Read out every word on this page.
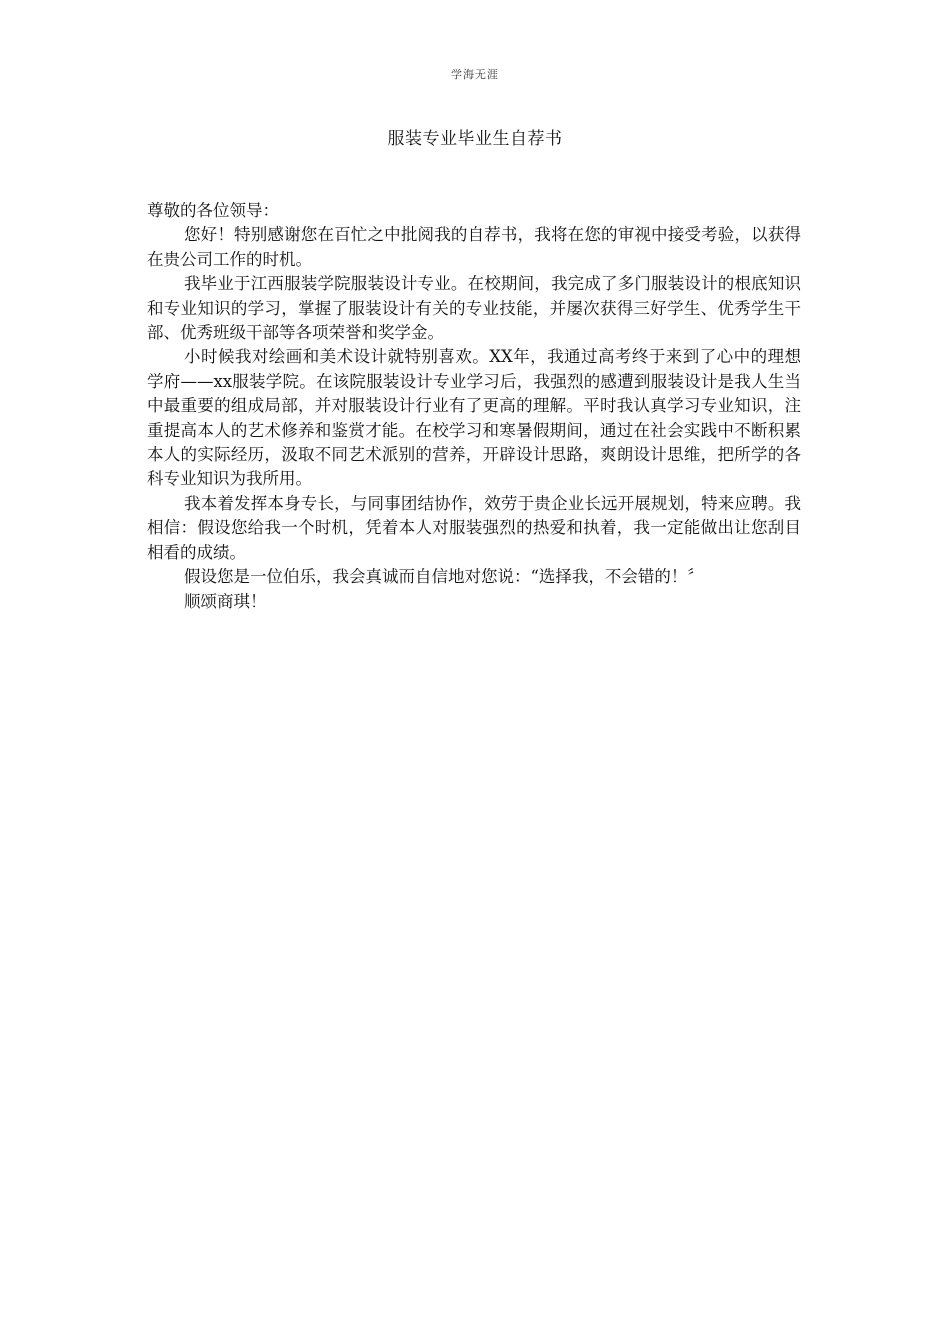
学海无涯
服装专业毕业生自荐书

尊敬的各位领导：

您好！特别感谢您在百忙之中批阅我的自荐书，我将在您的审视中接受考验，以获得在贵公司工作的时机。

我毕业于江西服装学院服装设计专业。在校期间，我完成了多门服装设计的根底知识和专业知识的学习，掌握了服装设计有关的专业技能，并屡次获得三好学生、优秀学生干部、优秀班级干部等各项荣誉和奖学金。

小时候我对绘画和美术设计就特别喜欢。XX年，我通过高考终于来到了心中的理想学府——xx服装学院。在该院服装设计专业学习后，我强烈的感遭到服装设计是我人生当中最重要的组成局部，并对服装设计行业有了更高的理解。平时我认真学习专业知识，注重提高本人的艺术修养和鉴赏才能。在校学习和寒暑假期间，通过在社会实践中不断积累本人的实际经历，汲取不同艺术派别的营养，开辟设计思路，爽朗设计思维，把所学的各科专业知识为我所用。

我本着发挥本身专长，与同事团结协作，效劳于贵企业长远开展规划，特来应聘。我相信：假设您给我一个时机，凭着本人对服装强烈的热爱和执着，我一定能做出让您刮目相看的成绩。

假设您是一位伯乐，我会真诚而自信地对您说：“选择我，不会错的！〞

顺颂商琪！
